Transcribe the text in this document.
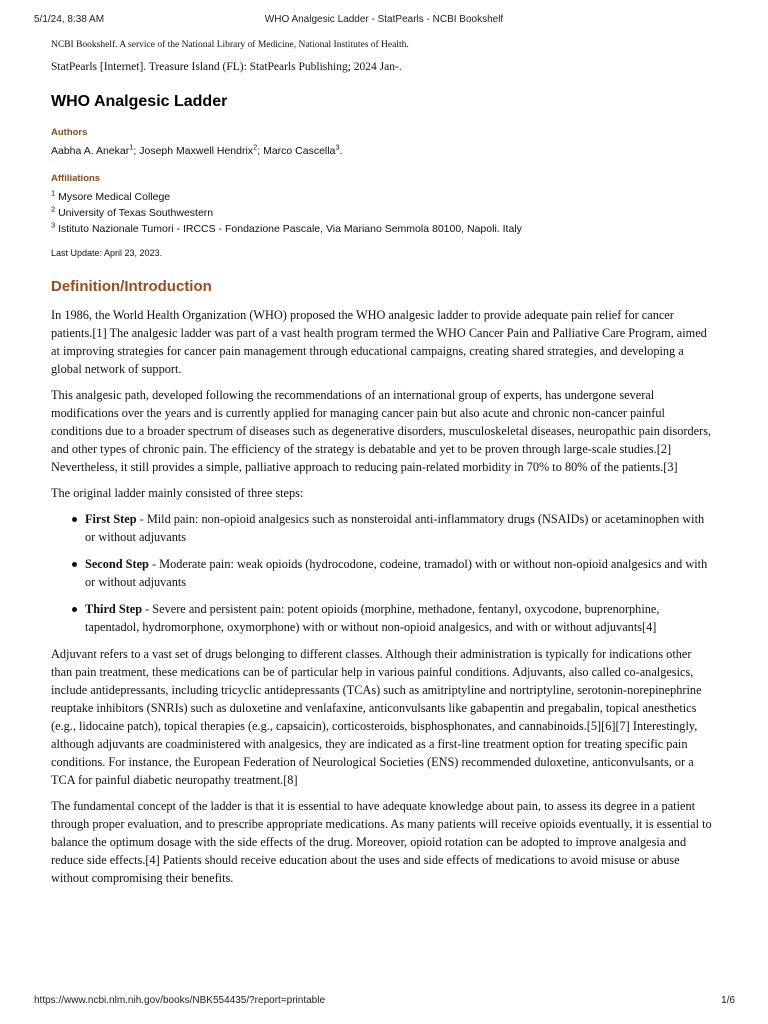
5/1/24, 8:38 AM	WHO Analgesic Ladder - StatPearls - NCBI Bookshelf

NCBI Bookshelf. A service of the National Library of Medicine, National Institutes of Health.

StatPearls [Internet]. Treasure Island (FL): StatPearls Publishing; 2024 Jan-.

WHO Analgesic Ladder
Authors

Aabha A. Anekar$^1$; Joseph Maxwell Hendrix$^2$; Marco Cascella$^3$.

Affiliations

$^1$ Mysore Medical College

$^2$ University of Texas Southwestern

$^3$ Istituto Nazionale Tumori - IRCCS - Fondazione Pascale, Via Mariano Semmola 80100, Napoli. Italy

Last Update: April 23, 2023.

Definition/Introduction

In 1986, the World Health Organization (WHO) proposed the WHO analgesic ladder to provide adequate pain relief for cancer patients.[1] The analgesic ladder was part of a vast health program termed the WHO Cancer Pain and Palliative Care Program, aimed at improving strategies for cancer pain management through educational campaigns, creating shared strategies, and developing a global network of support.

This analgesic path, developed following the recommendations of an international group of experts, has undergone several modifications over the years and is currently applied for managing cancer pain but also acute and chronic non-cancer painful conditions due to a broader spectrum of diseases such as degenerative disorders, musculoskeletal diseases, neuropathic pain disorders, and other types of chronic pain. The efficiency of the strategy is debatable and yet to be proven through large-scale studies.[2] Nevertheless, it still provides a simple, palliative approach to reducing pain-related morbidity in 70% to 80% of the patients.[3]

The original ladder mainly consisted of three steps:

First Step - Mild pain: non-opioid analgesics such as nonsteroidal anti-inflammatory drugs (NSAIDs) or acetaminophen with or without adjuvants
Second Step - Moderate pain: weak opioids (hydrocodone, codeine, tramadol) with or without non-opioid analgesics and with or without adjuvants
Third Step - Severe and persistent pain: potent opioids (morphine, methadone, fentanyl, oxycodone, buprenorphine, tapentadol, hydromorphone, oxymorphone) with or without non-opioid analgesics, and with or without adjuvants[4]

Adjuvant refers to a vast set of drugs belonging to different classes. Although their administration is typically for indications other than pain treatment, these medications can be of particular help in various painful conditions. Adjuvants, also called co-analgesics, include antidepressants, including tricyclic antidepressants (TCAs) such as amitriptyline and nortriptyline, serotonin-norepinephrine reuptake inhibitors (SNRIs) such as duloxetine and venlafaxine, anticonvulsants like gabapentin and pregabalin, topical anesthetics (e.g., lidocaine patch), topical therapies (e.g., capsaicin), corticosteroids, bisphosphonates, and cannabinoids.[5][6][7] Interestingly, although adjuvants are coadministered with analgesics, they are indicated as a first-line treatment option for treating specific pain conditions. For instance, the European Federation of Neurological Societies (ENS) recommended duloxetine, anticonvulsants, or a TCA for painful diabetic neuropathy treatment.[8]

The fundamental concept of the ladder is that it is essential to have adequate knowledge about pain, to assess its degree in a patient through proper evaluation, and to prescribe appropriate medications. As many patients will receive opioids eventually, it is essential to balance the optimum dosage with the side effects of the drug. Moreover, opioid rotation can be adopted to improve analgesia and reduce side effects.[4] Patients should receive education about the uses and side effects of medications to avoid misuse or abuse without compromising their benefits.

https://www.ncbi.nlm.nih.gov/books/NBK554435/?report=printable	1/6
